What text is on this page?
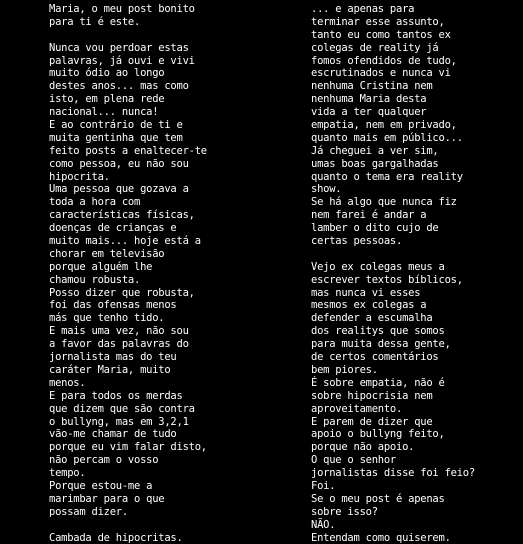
Maria, o meu post bonito
para ti é este.
Nunca vou perdoar estas
palavras, já ouvi e vivi
muito ódio ao longo
destes anos... mas como
isto, em plena rede
nacional... nunca!
E ao contrário de ti e
muita gentinha que tem
feito posts a enaltecer-te
como pessoa, eu não sou
hipocrita.
Uma pessoa que gozava a
toda a hora com
características físicas,
doenças de crianças e
muito mais... hoje está a
chorar em televisão
porque alguém lhe
chamou robusta.
Posso dizer que robusta,
foi das ofensas menos
más que tenho tido.
E mais uma vez, não sou
a favor das palavras do
jornalista mas do teu
caráter Maria, muito
menos.
E para todos os merdas
que dizem que são contra
o bullyng, mas em 3,2,1
vão-me chamar de tudo
porque eu vim falar disto,
não percam o vosso
tempo.
Porque estou-me a
marimbar para o que
possam dizer.
Cambada de hipocritas.
... e apenas para
terminar esse assunto,
tanto eu como tantos ex
colegas de reality já
fomos ofendidos de tudo,
escrutinados e nunca vi
nenhuma Cristina nem
nenhuma Maria desta
vida a ter qualquer
empatia, nem em privado,
quanto mais em público...
Já cheguei a ver sim,
umas boas gargalhadas
quanto o tema era reality
show.
Se há algo que nunca fiz
nem farei é andar a
lamber o dito cujo de
certas pessoas.
Vejo ex colegas meus a
escrever textos bíblicos,
mas nunca vi esses
mesmos ex colegas a
defender a escumalha
dos realitys que somos
para muita dessa gente,
de certos comentários
bem piores.
É sobre empatia, não é
sobre hipocrisia nem
aproveitamento.
E parem de dizer que
apoio o bullyng feito,
porque não apoio.
O que o senhor
jornalistas disse foi feio?
Foi.
Se o meu post é apenas
sobre isso?
NÃO.
Entendam como quiserem.
